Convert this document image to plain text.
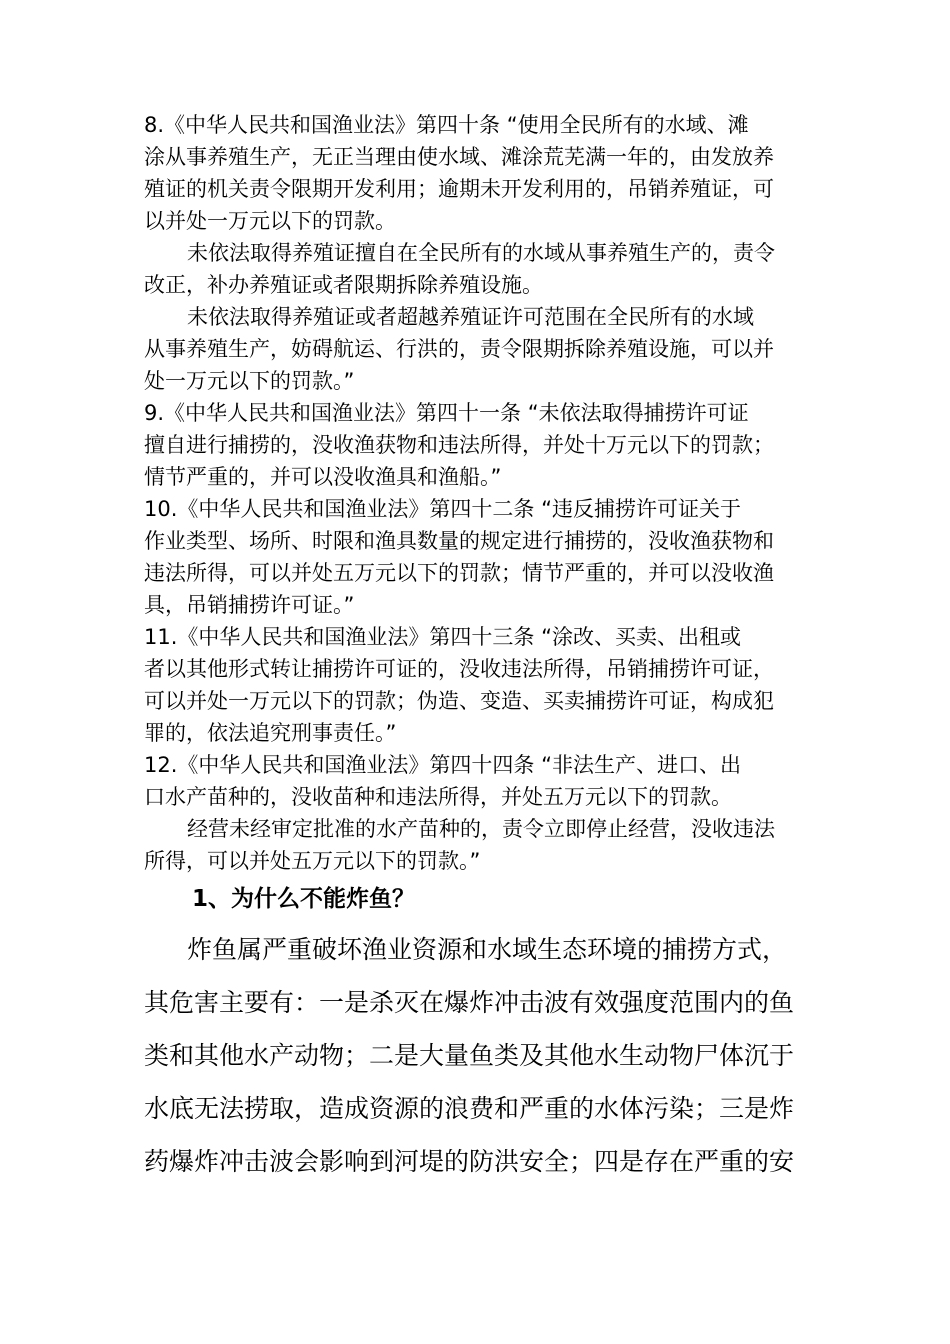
8.《中华人民共和国渔业法》第四十条 “使用全民所有的水域、滩
涂从事养殖生产，无正当理由使水域、滩涂荒芜满一年的，由发放养
殖证的机关责令限期开发利用；逾期未开发利用的，吊销养殖证，可
以并处一万元以下的罚款。
未依法取得养殖证擅自在全民所有的水域从事养殖生产的，责令
改正，补办养殖证或者限期拆除养殖设施。
未依法取得养殖证或者超越养殖证许可范围在全民所有的水域
从事养殖生产，妨碍航运、行洪的，责令限期拆除养殖设施，可以并
处一万元以下的罚款。”
9.《中华人民共和国渔业法》第四十一条 “未依法取得捕捞许可证
擅自进行捕捞的，没收渔获物和违法所得，并处十万元以下的罚款；
情节严重的，并可以没收渔具和渔船。”
10.《中华人民共和国渔业法》第四十二条 “违反捕捞许可证关于
作业类型、场所、时限和渔具数量的规定进行捕捞的，没收渔获物和
违法所得，可以并处五万元以下的罚款；情节严重的，并可以没收渔
具，吊销捕捞许可证。”
11.《中华人民共和国渔业法》第四十三条 “涂改、买卖、出租或
者以其他形式转让捕捞许可证的，没收违法所得，吊销捕捞许可证，
可以并处一万元以下的罚款；伪造、变造、买卖捕捞许可证，构成犯
罪的，依法追究刑事责任。”
12.《中华人民共和国渔业法》第四十四条 “非法生产、进口、出
口水产苗种的，没收苗种和违法所得，并处五万元以下的罚款。
经营未经审定批准的水产苗种的，责令立即停止经营，没收违法
所得，可以并处五万元以下的罚款。”
1、为什么不能炸鱼？
炸鱼属严重破坏渔业资源和水域生态环境的捕捞方式，
其危害主要有：一是杀灭在爆炸冲击波有效强度范围内的鱼
类和其他水产动物；二是大量鱼类及其他水生动物尸体沉于
水底无法捞取，造成资源的浪费和严重的水体污染；三是炸
药爆炸冲击波会影响到河堤的防洪安全；四是存在严重的安
